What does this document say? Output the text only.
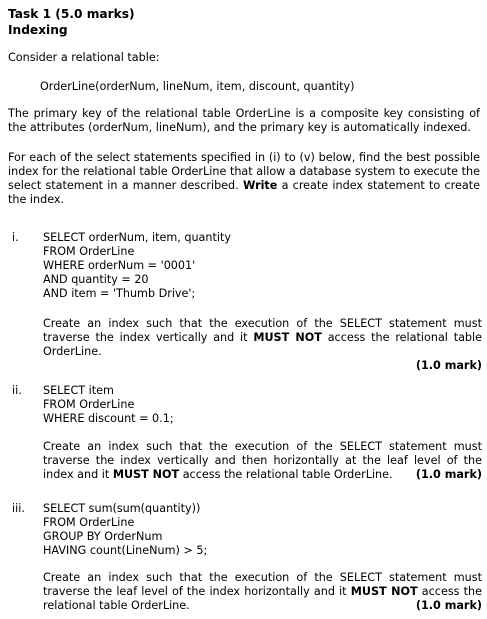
Task 1 (5.0 marks)
Indexing
Consider a relational table:
OrderLine(orderNum, lineNum, item, discount, quantity)
The primary key of the relational table OrderLine is a composite key consisting of the attributes (orderNum, lineNum), and the primary key is automatically indexed.
For each of the select statements specified in (i) to (v) below, find the best possible index for the relational table OrderLine that allow a database system to execute the select statement in a manner described. Write a create index statement to create the index.
i. SELECT orderNum, item, quantity
FROM OrderLine
WHERE orderNum = '0001'
AND quantity = 20
AND item = 'Thumb Drive';
Create an index such that the execution of the SELECT statement must traverse the index vertically and it MUST NOT access the relational table OrderLine.

(1.0 mark)
ii. SELECT item
FROM OrderLine
WHERE discount = 0.1;
Create an index such that the execution of the SELECT statement must traverse the index vertically and then horizontally at the leaf level of the index and it MUST NOT access the relational table OrderLine. (1.0 mark)
iii. SELECT sum(sum(quantity))
FROM OrderLine
GROUP BY OrderNum
HAVING count(LineNum) > 5;
Create an index such that the execution of the SELECT statement must traverse the leaf level of the index horizontally and it MUST NOT access the relational table OrderLine.	(1.0 mark)
